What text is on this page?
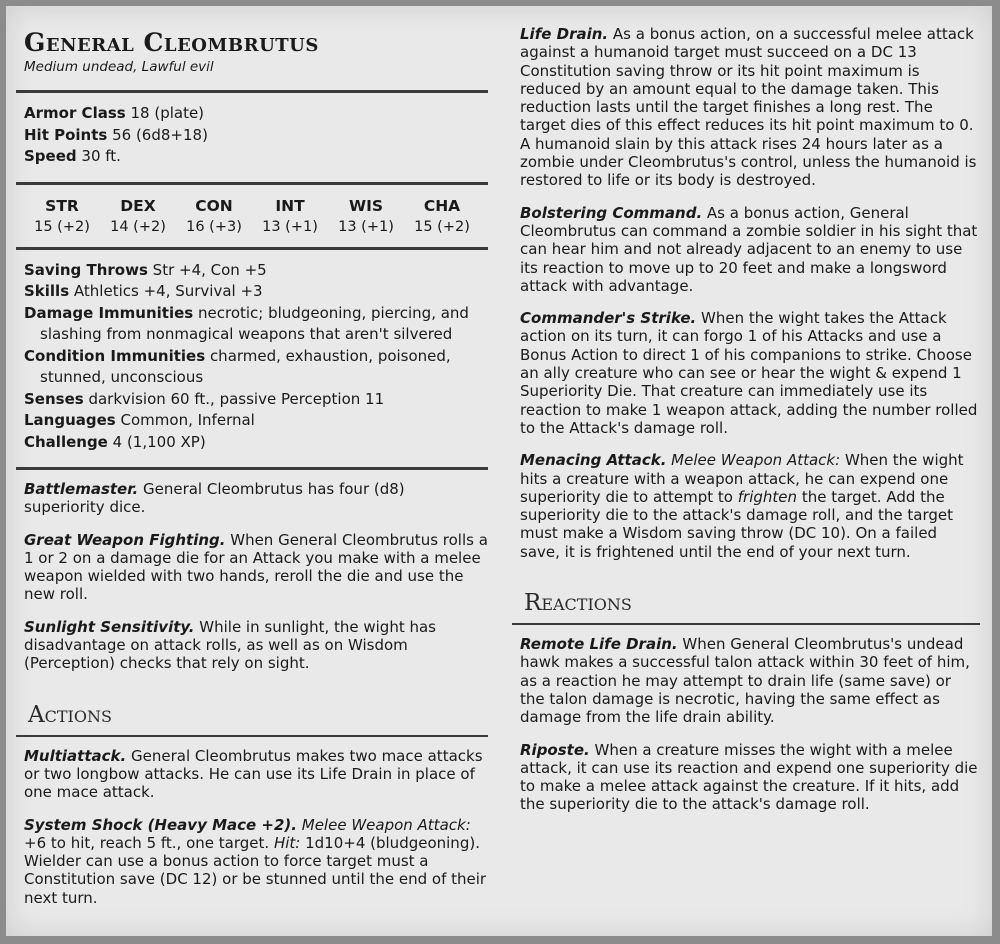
General Cleombrutus
Medium undead, Lawful evil
Armor Class 18 (plate)
Hit Points 56 (6d8+18)
Speed 30 ft.
STR
15 (+2)
DEX
14 (+2)
CON
16 (+3)
INT
13 (+1)
WIS
13 (+1)
CHA
15 (+2)
Saving Throws Str +4, Con +5
Skills Athletics +4, Survival +3
Damage Immunities necrotic; bludgeoning, piercing, and slashing from nonmagical weapons that aren't silvered
Condition Immunities charmed, exhaustion, poisoned, stunned, unconscious
Senses darkvision 60 ft., passive Perception 11
Languages Common, Infernal
Challenge 4 (1,100 XP)
Battlemaster. General Cleombrutus has four (d8) superiority dice.
Great Weapon Fighting. When General Cleombrutus rolls a 1 or 2 on a damage die for an Attack you make with a melee weapon wielded with two hands, reroll the die and use the new roll.
Sunlight Sensitivity. While in sunlight, the wight has disadvantage on attack rolls, as well as on Wisdom (Perception) checks that rely on sight.
Actions
Multiattack. General Cleombrutus makes two mace attacks or two longbow attacks. He can use its Life Drain in place of one mace attack.
System Shock (Heavy Mace +2). Melee Weapon Attack: +6 to hit, reach 5 ft., one target. Hit: 1d10+4 (bludgeoning). Wielder can use a bonus action to force target must a Constitution save (DC 12) or be stunned until the end of their next turn.
Life Drain. As a bonus action, on a successful melee attack against a humanoid target must succeed on a DC 13 Constitution saving throw or its hit point maximum is reduced by an amount equal to the damage taken. This reduction lasts until the target finishes a long rest. The target dies of this effect reduces its hit point maximum to 0. A humanoid slain by this attack rises 24 hours later as a zombie under Cleombrutus's control, unless the humanoid is restored to life or its body is destroyed.
Bolstering Command. As a bonus action, General Cleombrutus can command a zombie soldier in his sight that can hear him and not already adjacent to an enemy to use its reaction to move up to 20 feet and make a longsword attack with advantage.
Commander's Strike. When the wight takes the Attack action on its turn, it can forgo 1 of his Attacks and use a Bonus Action to direct 1 of his companions to strike. Choose an ally creature who can see or hear the wight & expend 1 Superiority Die. That creature can immediately use its reaction to make 1 weapon attack, adding the number rolled to the Attack's damage roll.
Menacing Attack. Melee Weapon Attack: When the wight hits a creature with a weapon attack, he can expend one superiority die to attempt to frighten the target. Add the superiority die to the attack's damage roll, and the target must make a Wisdom saving throw (DC 10). On a failed save, it is frightened until the end of your next turn.
Reactions
Remote Life Drain. When General Cleombrutus's undead hawk makes a successful talon attack within 30 feet of him, as a reaction he may attempt to drain life (same save) or the talon damage is necrotic, having the same effect as damage from the life drain ability.
Riposte. When a creature misses the wight with a melee attack, it can use its reaction and expend one superiority die to make a melee attack against the creature. If it hits, add the superiority die to the attack's damage roll.
